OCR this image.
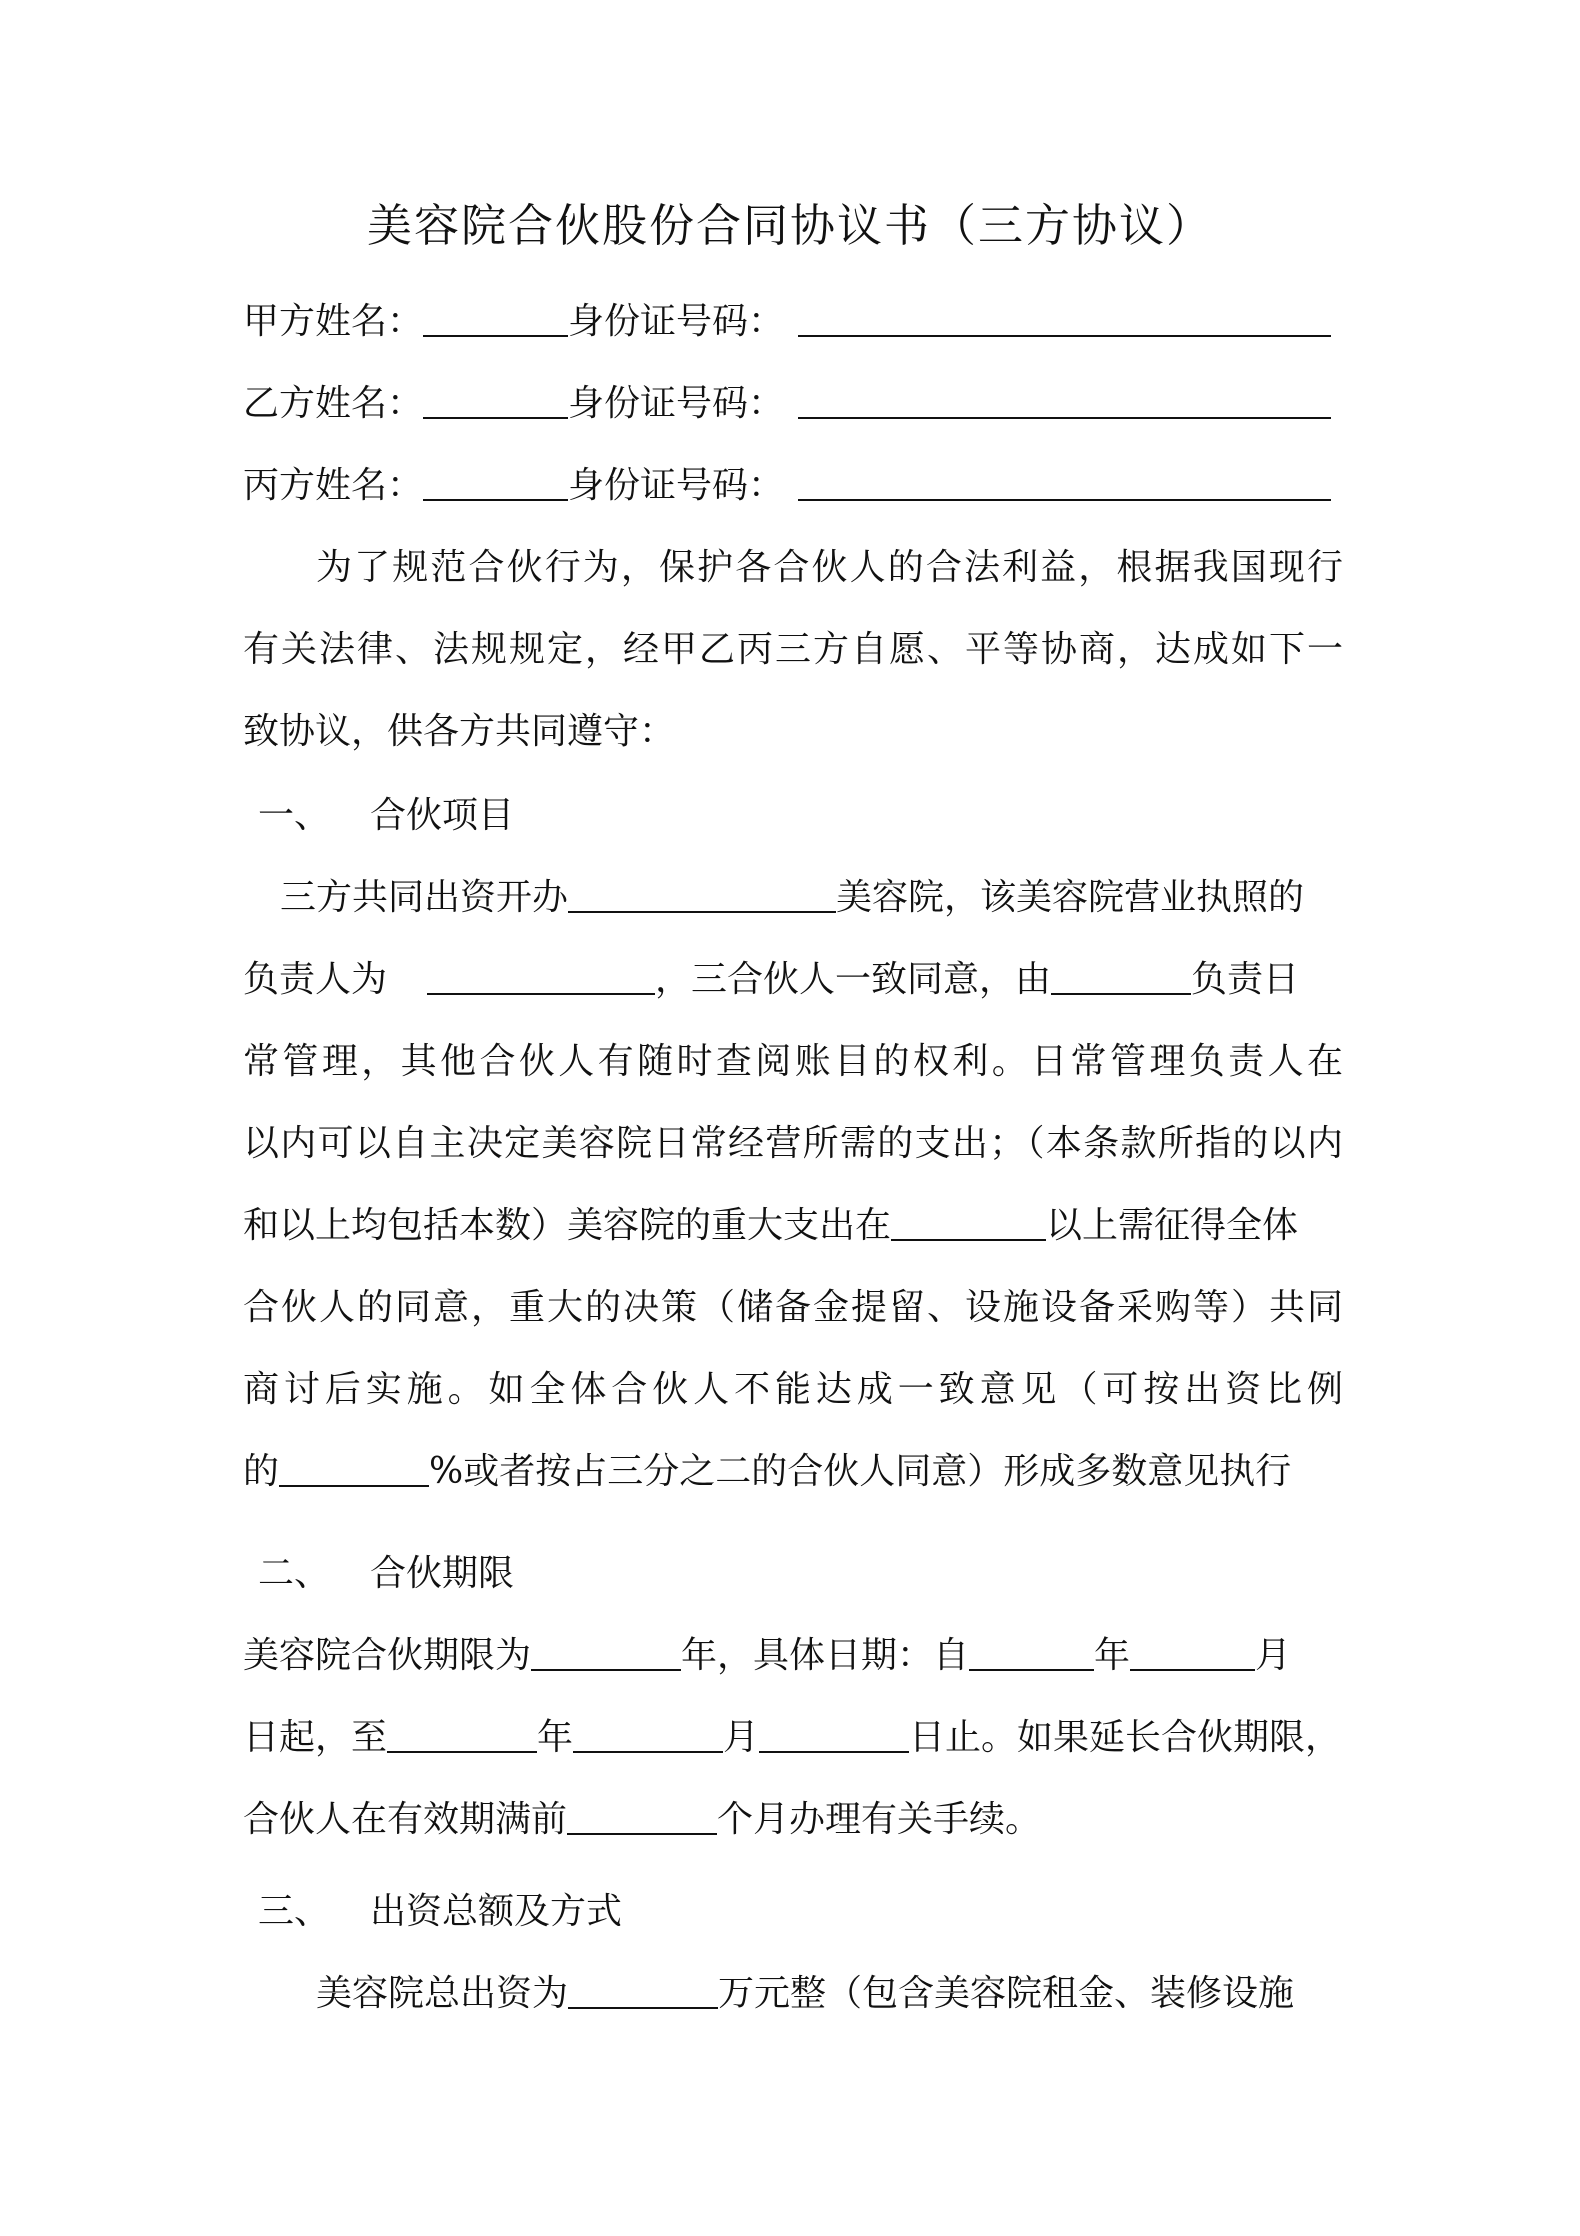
美容院合伙股份合同协议书（三方协议）
甲方姓名：	身份证号码：
乙方姓名：	身份证号码：
丙方姓名：	身份证号码：
为了规范合伙行为，保护各合伙人的合法利益，根据我国现行
有关法律、法规规定，经甲乙丙三方自愿、平等协商，达成如下一
致协议，供各方共同遵守：
一、 合伙项目
三方共同出资开办	美容院，该美容院营业执照的
负责人为	，三合伙人一致同意，由	负责日
常管理，其他合伙人有随时查阅账目的权利。日常管理负责人在
以内可以自主决定美容院日常经营所需的支出；（本条款所指的以内
和以上均包括本数）美容院的重大支出在	以上需征得全体
合伙人的同意，重大的决策（储备金提留、设施设备采购等）共同
商讨后实施。如全体合伙人不能达成一致意见（可按出资比例
的	%或者按占三分之二的合伙人同意）形成多数意见执行
二、 合伙期限
美容院合伙期限为	年，具体日期：自	年	月
日起，至	年	月	日止。如果延长合伙期限，
合伙人在有效期满前	个月办理有关手续。
三、 出资总额及方式
美容院总出资为	万元整（包含美容院租金、装修设施
